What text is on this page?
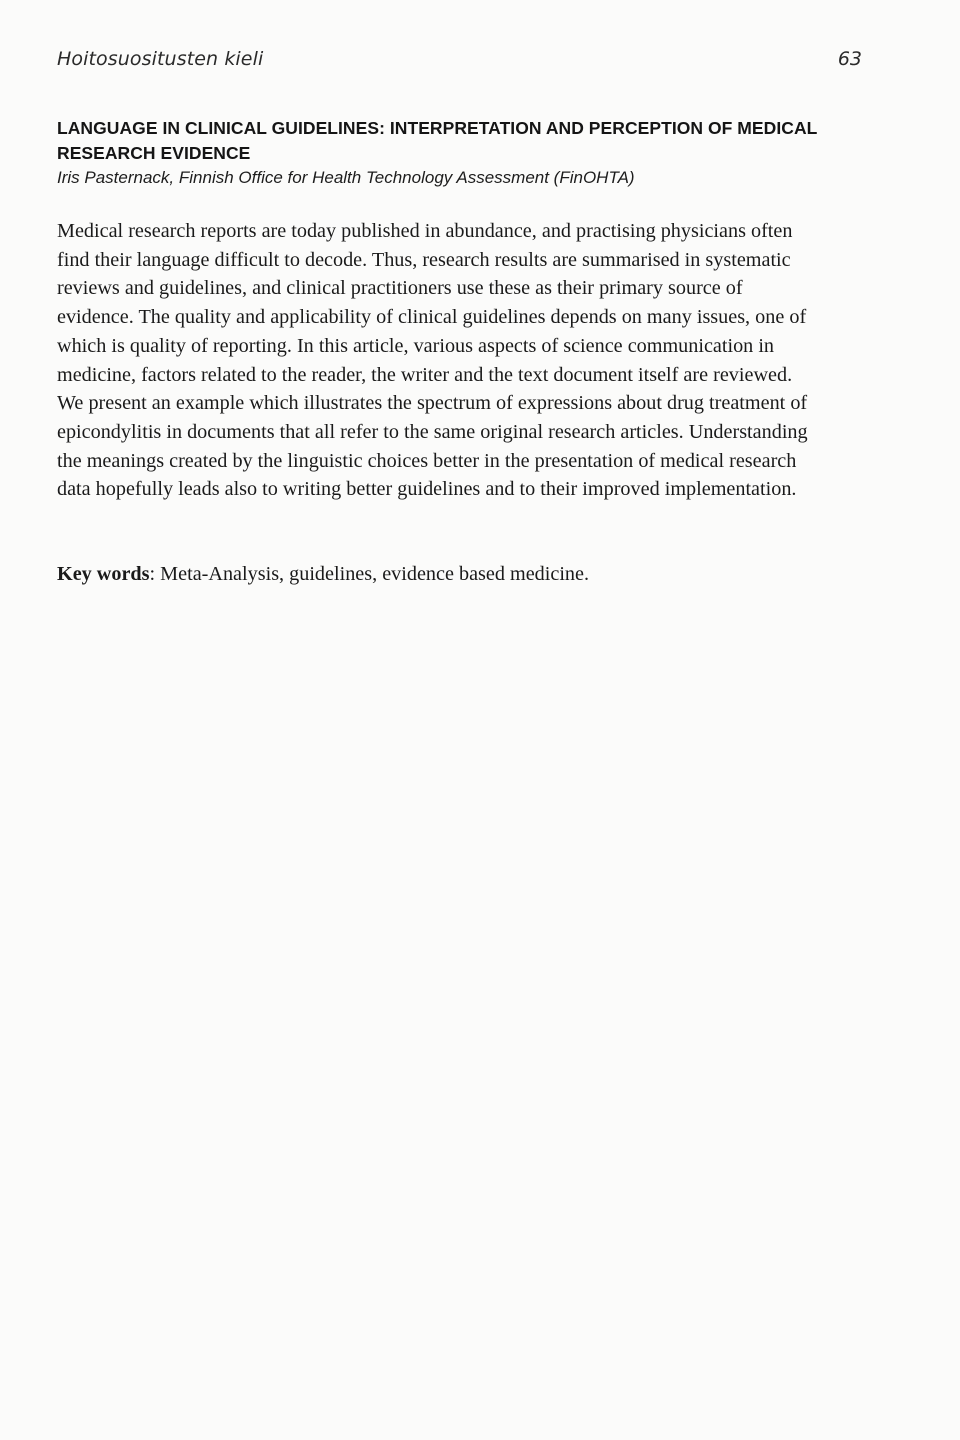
Hoitosuositusten kieli	63
LANGUAGE IN CLINICAL GUIDELINES: INTERPRETATION AND PERCEPTION OF MEDICAL RESEARCH EVIDENCE
Iris Pasternack, Finnish Office for Health Technology Assessment (FinOHTA)

Medical research reports are today published in abundance, and practising physicians often find their language difficult to decode. Thus, research results are summarised in systematic reviews and guidelines, and clinical practitioners use these as their primary source of evidence. The quality and applicability of clinical guidelines depends on many issues, one of which is quality of reporting. In this article, various aspects of science communication in medicine, factors related to the reader, the writer and the text document itself are reviewed. We present an example which illustrates the spectrum of expressions about drug treatment of epicondylitis in documents that all refer to the same original research articles. Understanding the meanings created by the linguistic choices better in the presentation of medical research data hopefully leads also to writing better guidelines and to their improved implementation.

Key words: Meta-Analysis, guidelines, evidence based medicine.
